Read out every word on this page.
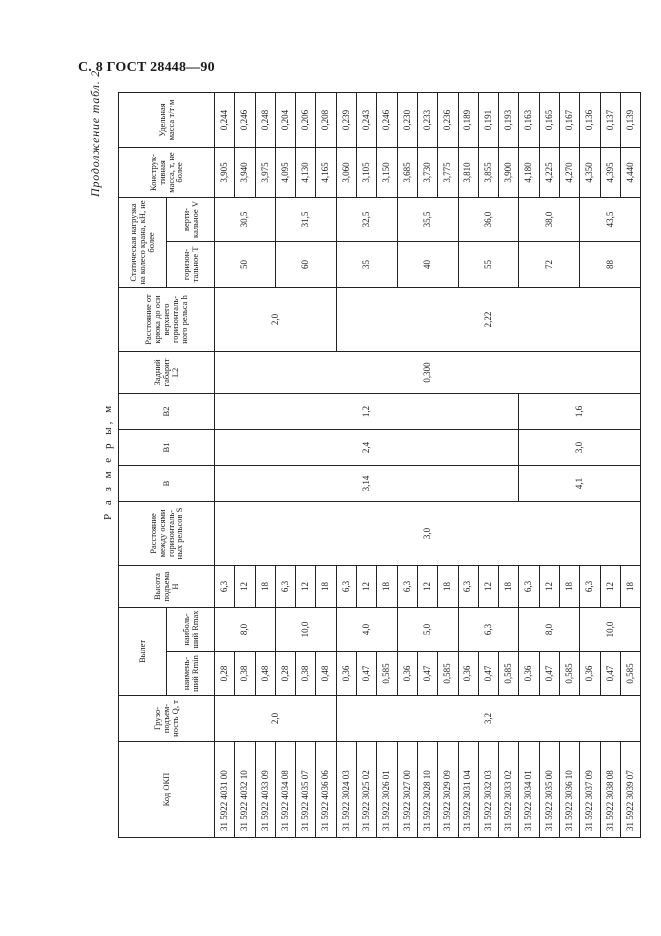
С. 8 ГОСТ 28448—90
Продолжение табл. 2
Р а з м е р ы, м
Код ОКП	Грузо-подъем-ность Q, т	Вылет		Высота подъема H	Расстояние между осями горизонталь-ных рельсов S	B	B1	B2	Задний габарит L2	Расстояние от крюка до оси верхнего горизонталь-ного рельса h	Статическая нагрузка на колесо крана, кН, не более		Конструк-тивная масса, т, не более	Удельная масса т/т·м
		наимень-ший Rmin	наиболь-ший Rmax								горизон-тальное T	верти-кальное V		
31 5922 4031 00	2,0	0,28	8,0	6,3	3,0	3,14	2,4	1,2	0,300	2,0	50	30,5	3,905	0,244
31 5922 4032 10		0,38		12									3,940	0,246
31 5922 4033 09		0,48		18									3,975	0,248
31 5922 4034 08		0,28	10,0	6,3							60	31,5	4,095	0,204
31 5922 4035 07		0,38		12									4,130	0,206
31 5922 4036 06		0,48		18									4,165	0,208
31 5922 3024 03	3,2	0,36	4,0	6,3						2,22	35	32,5	3,060	0,239
31 5922 3025 02		0,47		12									3,105	0,243
31 5922 3026 01		0,585		18									3,150	0,246
31 5922 3027 00		0,36	5,0	6,3							40	35,5	3,685	0,230
31 5922 3028 10		0,47		12									3,730	0,233
31 5922 3029 09		0,585		18									3,775	0,236
31 5922 3031 04		0,36	6,3	6,3							55	36,0	3,810	0,189
31 5922 3032 03		0,47		12									3,855	0,191
31 5922 3033 02		0,585		18									3,900	0,193
31 5922 3034 01		0,36	8,0	6,3		4,1	3,0	1,6			72	38,0	4,180	0,163
31 5922 3035 00		0,47		12									4,225	0,165
31 5922 3036 10		0,585		18									4,270	0,167
31 5922 3037 09		0,36	10,0	6,3							88	43,5	4,350	0,136
31 5922 3038 08		0,47		12									4,395	0,137
31 5922 3039 07		0,585		18									4,440	0,139
